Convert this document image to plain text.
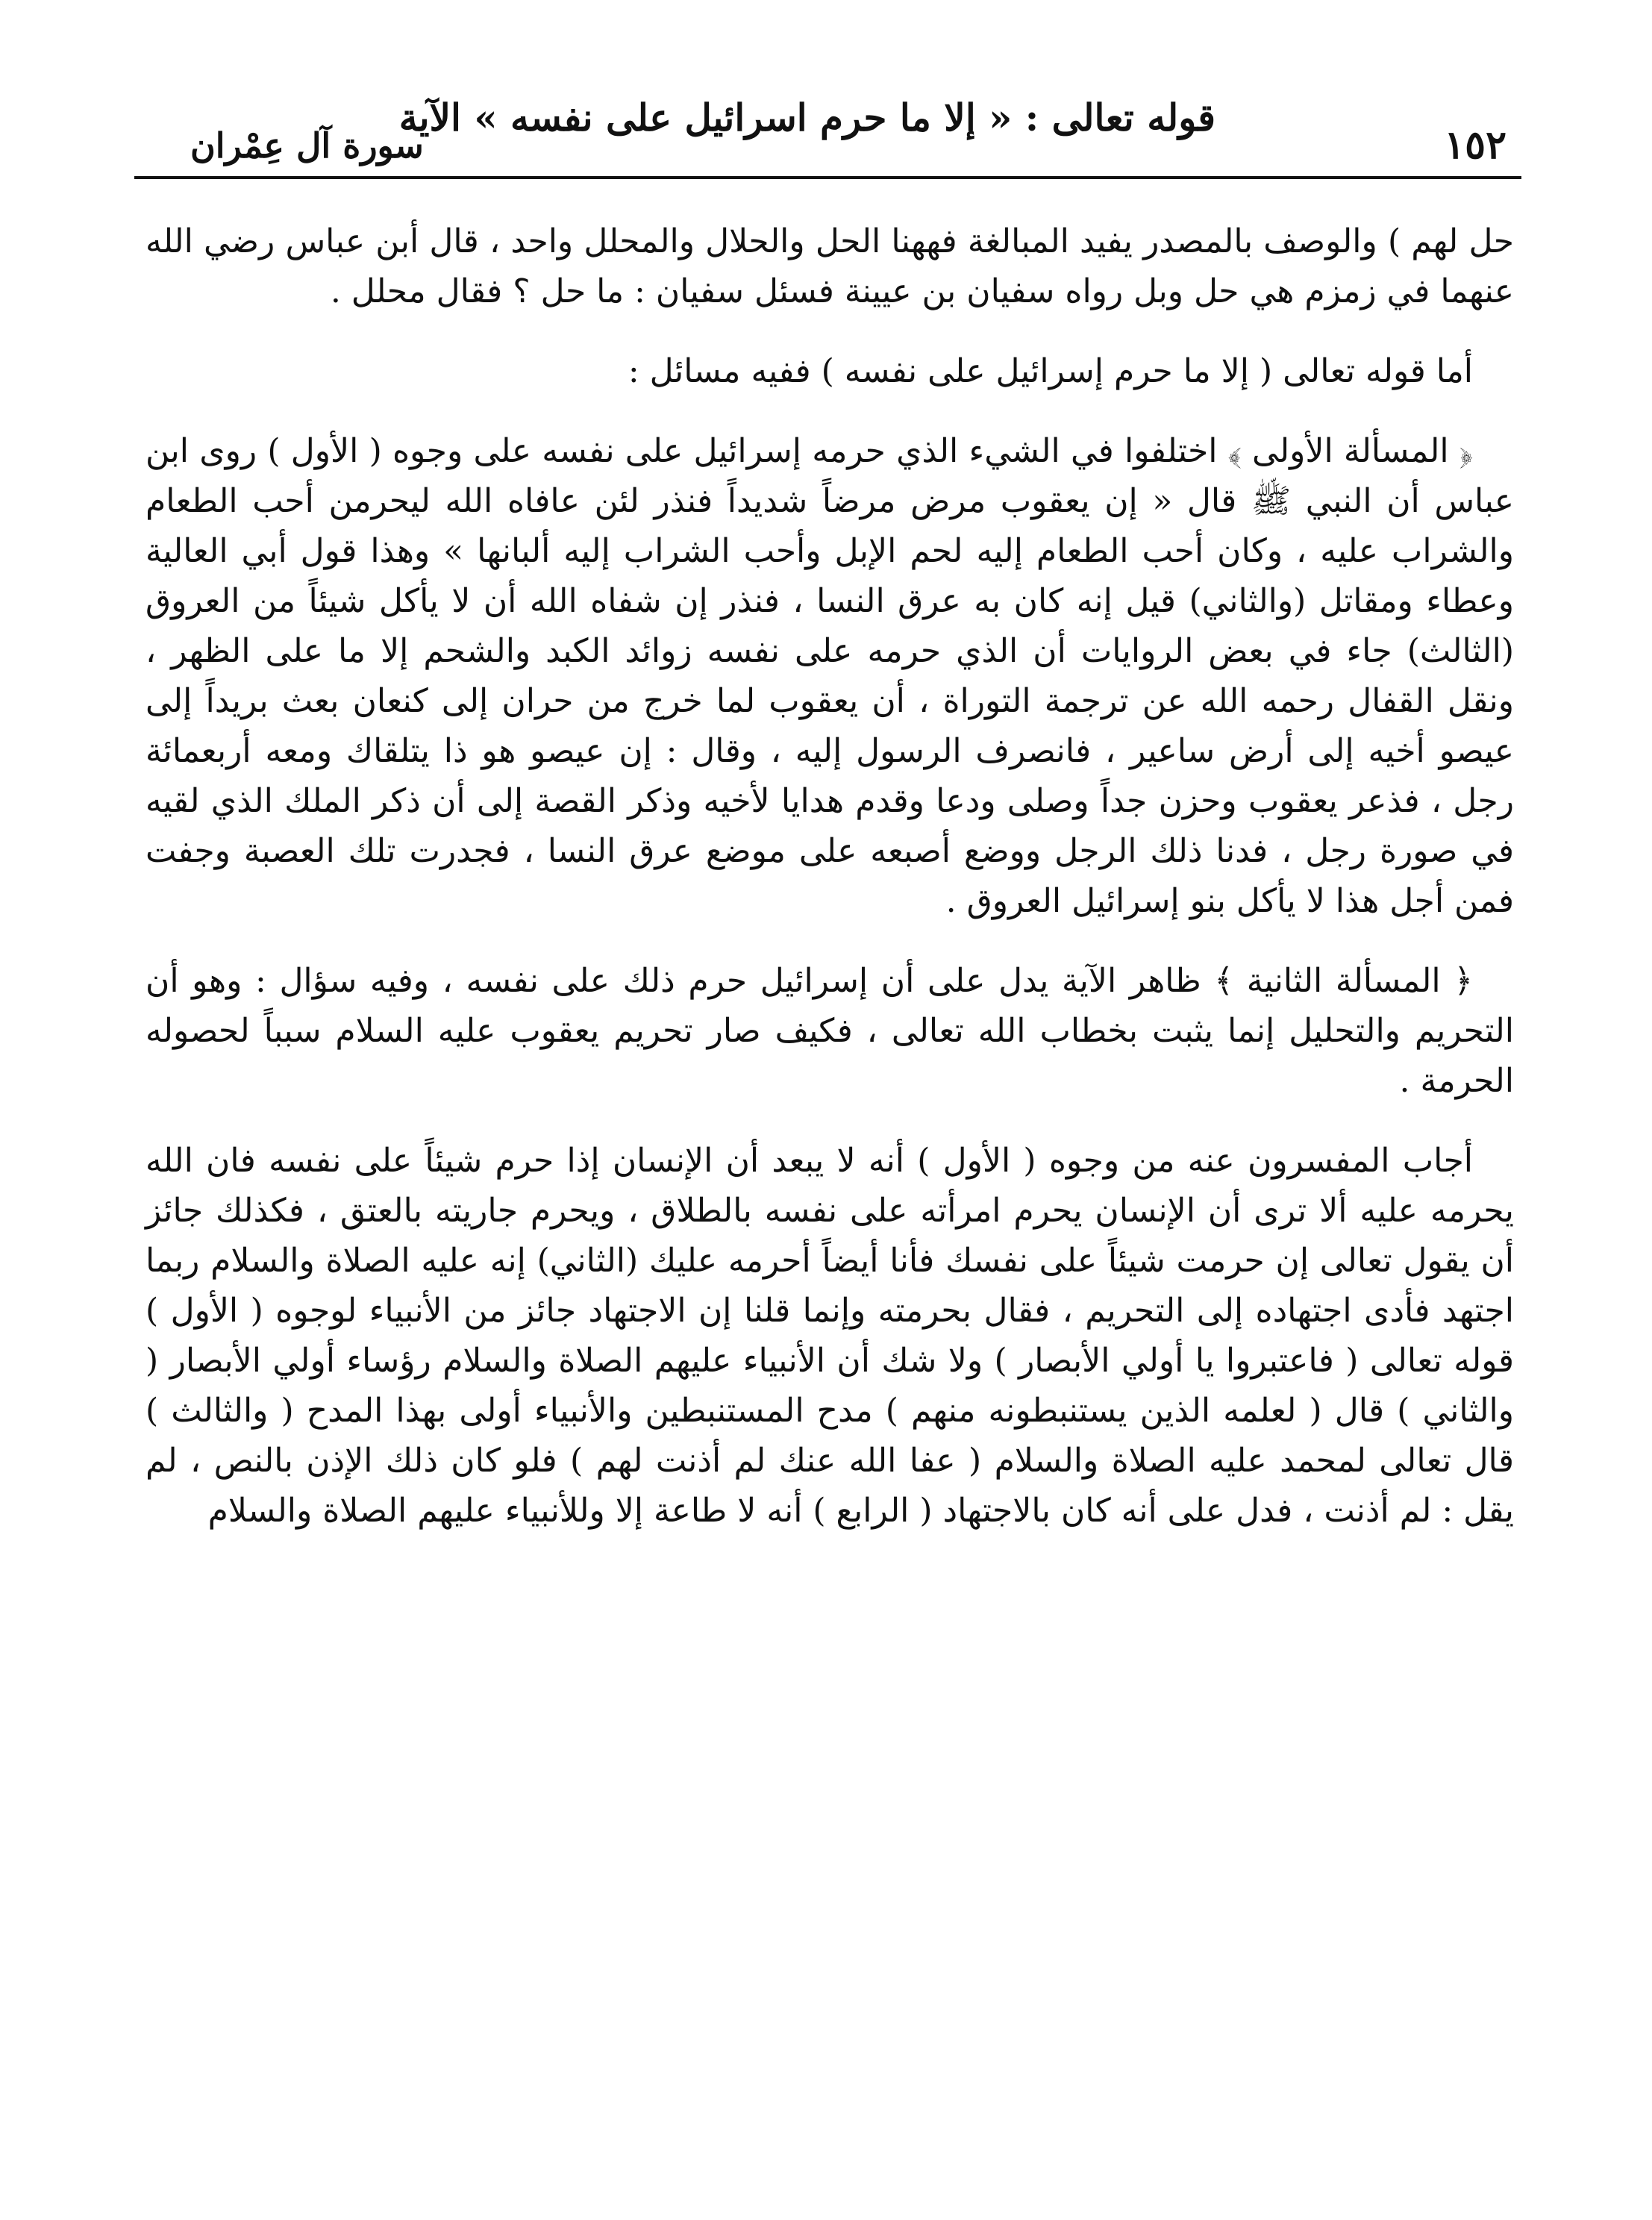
قوله تعالى : « إلا ما حرم اسرائيل على نفسه » الآية
سورة آل عِمْران	١٥٢

حل لهم ) والوصف بالمصدر يفيد المبالغة فههنا الحل والحلال والمحلل واحد ، قال أبن عباس رضي الله عنهما في زمزم هي حل وبل رواه سفيان بن عيينة فسئل سفيان : ما حل ؟ فقال محلل .

أما قوله تعالى ( إلا ما حرم إسرائيل على نفسه ) ففيه مسائل :

﴿ المسألة الأولى ﴾ اختلفوا في الشيء الذي حرمه إسرائيل على نفسه على وجوه ( الأول ) روى ابن عباس أن النبي ﷺ قال « إن يعقوب مرض مرضاً شديداً فنذر لئن عافاه الله ليحرمن أحب الطعام والشراب عليه ، وكان أحب الطعام إليه لحم الإبل وأحب الشراب إليه ألبانها » وهذا قول أبي العالية وعطاء ومقاتل (والثاني) قيل إنه كان به عرق النسا ، فنذر إن شفاه الله أن لا يأكل شيئاً من العروق (الثالث) جاء في بعض الروايات أن الذي حرمه على نفسه زوائد الكبد والشحم إلا ما على الظهر ، ونقل القفال رحمه الله عن ترجمة التوراة ، أن يعقوب لما خرج من حران إلى كنعان بعث بريداً إلى عيصو أخيه إلى أرض ساعير ، فانصرف الرسول إليه ، وقال : إن عيصو هو ذا يتلقاك ومعه أربعمائة رجل ، فذعر يعقوب وحزن جداً وصلى ودعا وقدم هدايا لأخيه وذكر القصة إلى أن ذكر الملك الذي لقيه في صورة رجل ، فدنا ذلك الرجل ووضع أصبعه على موضع عرق النسا ، فجدرت تلك العصبة وجفت فمن أجل هذا لا يأكل بنو إسرائيل العروق .

﴿ المسألة الثانية ﴾ ظاهر الآية يدل على أن إسرائيل حرم ذلك على نفسه ، وفيه سؤال : وهو أن التحريم والتحليل إنما يثبت بخطاب الله تعالى ، فكيف صار تحريم يعقوب عليه السلام سبباً لحصوله الحرمة .

أجاب المفسرون عنه من وجوه ( الأول ) أنه لا يبعد أن الإنسان إذا حرم شيئاً على نفسه فان الله يحرمه عليه ألا ترى أن الإنسان يحرم امرأته على نفسه بالطلاق ، ويحرم جاريته بالعتق ، فكذلك جائز أن يقول تعالى إن حرمت شيئاً على نفسك فأنا أيضاً أحرمه عليك (الثاني) إنه عليه الصلاة والسلام ربما اجتهد فأدى اجتهاده إلى التحريم ، فقال بحرمته وإنما قلنا إن الاجتهاد جائز من الأنبياء لوجوه ( الأول ) قوله تعالى ( فاعتبروا يا أولي الأبصار ) ولا شك أن الأنبياء عليهم الصلاة والسلام رؤساء أولي الأبصار ( والثاني ) قال ( لعلمه الذين يستنبطونه منهم ) مدح المستنبطين والأنبياء أولى بهذا المدح ( والثالث ) قال تعالى لمحمد عليه الصلاة والسلام ( عفا الله عنك لم أذنت لهم ) فلو كان ذلك الإذن بالنص ، لم يقل : لم أذنت ، فدل على أنه كان بالاجتهاد ( الرابع ) أنه لا طاعة إلا وللأنبياء عليهم الصلاة والسلام
